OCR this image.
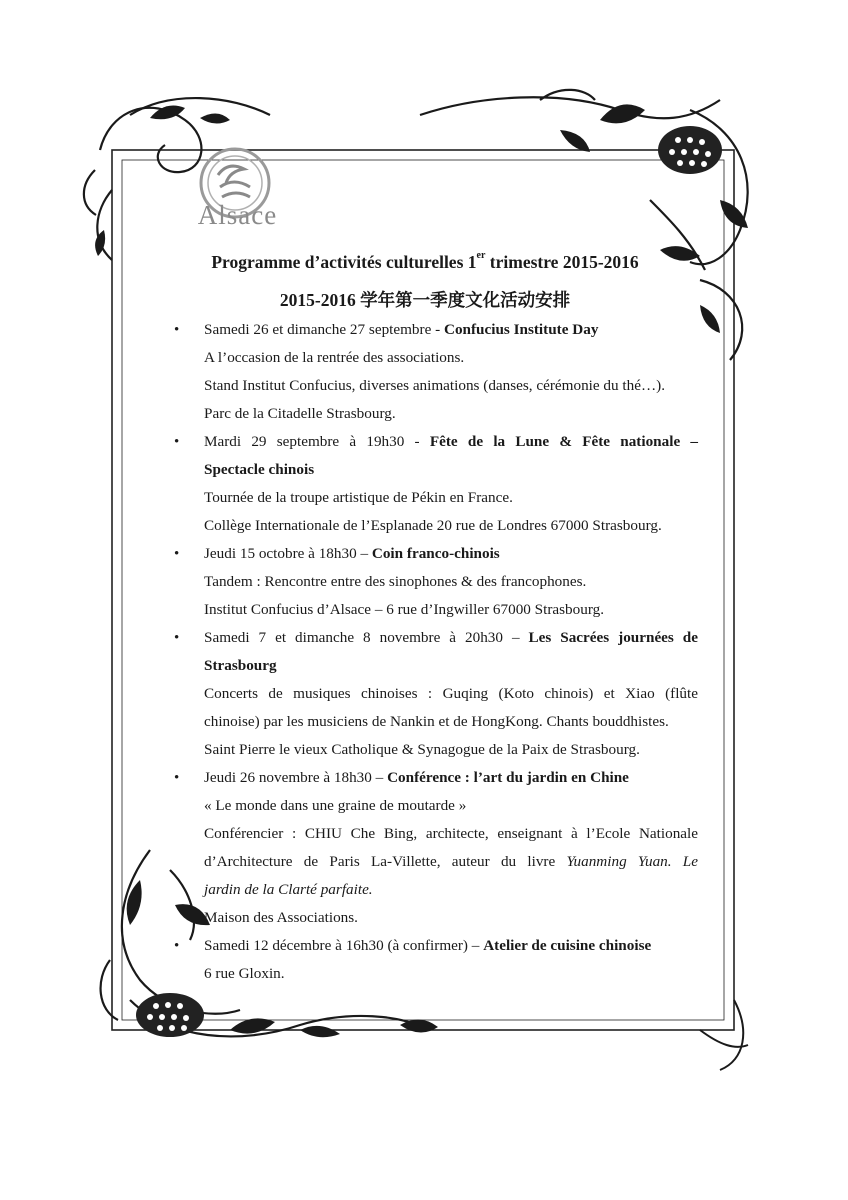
Alsace
Programme d’activités culturelles 1er trimestre 2015-2016
2015-2016 学年第一季度文化活动安排
•	Samedi 26 et dimanche 27 septembre - Confucius Institute Day
A l’occasion de la rentrée des associations.
Stand Institut Confucius, diverses animations (danses, cérémonie du thé…).
Parc de la Citadelle Strasbourg.
•	Mardi 29 septembre à 19h30 - Fête de la Lune & Fête nationale –
Spectacle chinois
Tournée de la troupe artistique de Pékin en France.
Collège Internationale de l’Esplanade 20 rue de Londres 67000 Strasbourg.
•	Jeudi 15 octobre à 18h30 – Coin franco-chinois
Tandem : Rencontre entre des sinophones & des francophones.
Institut Confucius d’Alsace – 6 rue d’Ingwiller 67000 Strasbourg.
•	Samedi 7 et dimanche 8 novembre à 20h30 – Les Sacrées journées de
Strasbourg
Concerts de musiques chinoises : Guqing (Koto chinois) et Xiao (flûte
chinoise) par les musiciens de Nankin et de HongKong. Chants bouddhistes.
Saint Pierre le vieux Catholique & Synagogue de la Paix de Strasbourg.
•	Jeudi 26 novembre à 18h30 – Conférence : l’art du jardin en Chine
« Le monde dans une graine de moutarde »
Conférencier : CHIU Che Bing, architecte, enseignant à l’Ecole Nationale
d’Architecture de Paris La-Villette, auteur du livre Yuanming Yuan. Le
jardin de la Clarté parfaite.
Maison des Associations.
•	Samedi 12 décembre à 16h30 (à confirmer) – Atelier de cuisine chinoise
6 rue Gloxin.
